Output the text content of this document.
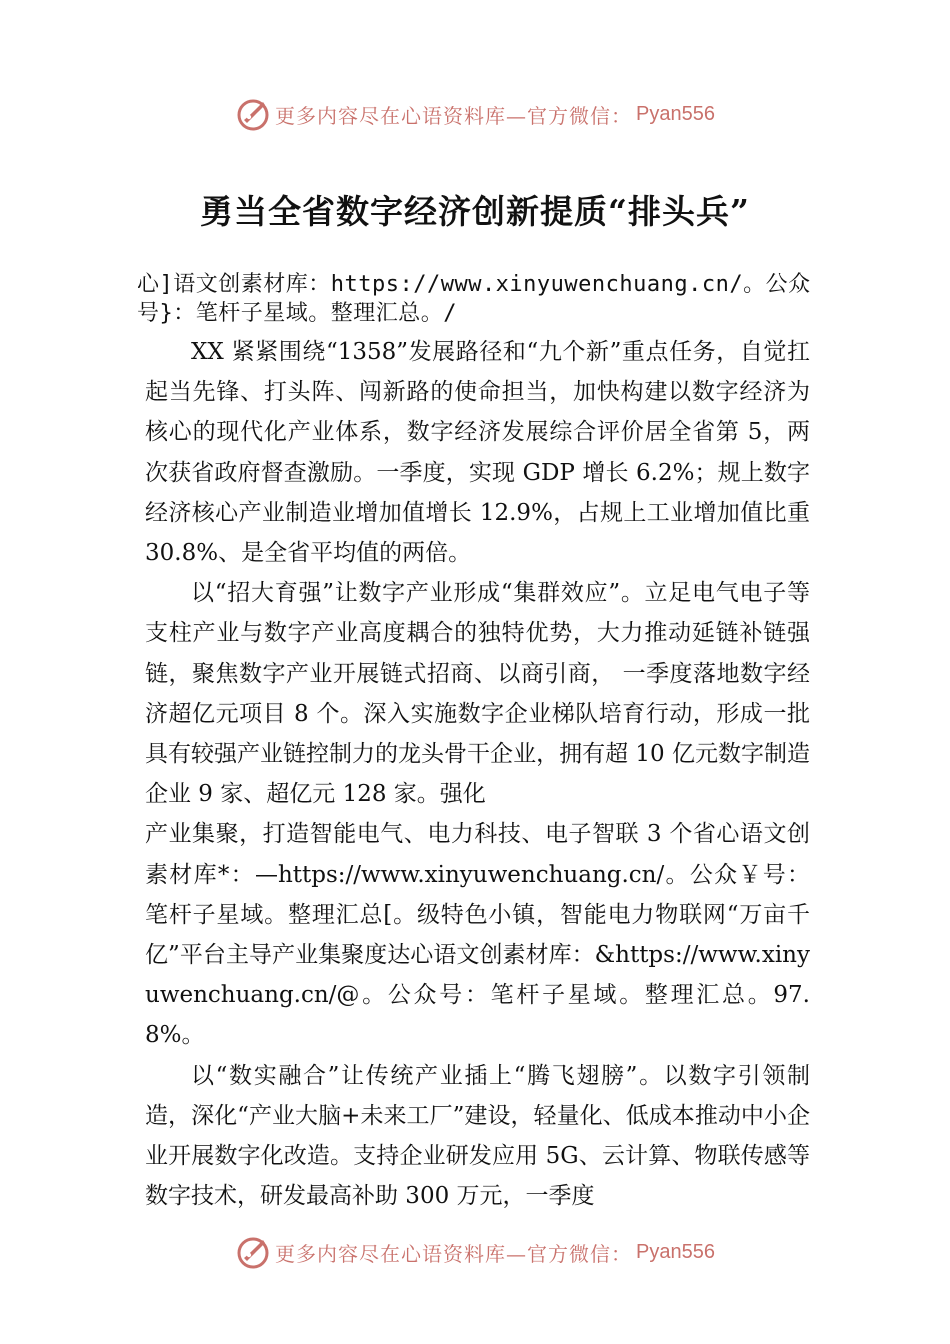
更多内容尽在心语资料库—官方微信： Pyan556
勇当全省数字经济创新提质“排头兵”
心]语文创素材库：https://www.xinyuwenchuang.cn/。公众号}：笔杆子星域。整理汇总。/

XX 紧紧围绕“1358”发展路径和“九个新”重点任务，自觉扛起当先锋、打头阵、闯新路的使命担当，加快构建以数字经济为核心的现代化产业体系，数字经济发展综合评价居全省第 5，两次获省政府督查激励。一季度，实现 GDP 增长 6.2%；规上数字经济核心产业制造业增加值增长 12.9%，占规上工业增加值比重 30.8%、是全省平均值的两倍。

以“招大育强”让数字产业形成“集群效应”。立足电气电子等支柱产业与数字产业高度耦合的独特优势，大力推动延链补链强链，聚焦数字产业开展链式招商、以商引商， 一季度落地数字经济超亿元项目 8 个。深入实施数字企业梯队培育行动，形成一批具有较强产业链控制力的龙头骨干企业，拥有超 10 亿元数字制造企业 9 家、超亿元 128 家。强化

产业集聚，打造智能电气、电力科技、电子智联 3 个省心语文创素材库*：—https://www.xinyuwenchuang.cn/。公众￥号：笔杆子星域。整理汇总[。级特色小镇，智能电力物联网“万亩千亿”平台主导产业集聚度达心语文创素材库：&https://www.xinyuwenchuang.cn/@。公众号：笔杆子星域。整理汇总。97.8%。

以“数实融合”让传统产业插上“腾飞翅膀”。以数字引领制造，深化“产业大脑+未来工厂”建设，轻量化、低成本推动中小企业开展数字化改造。支持企业研发应用 5G、云计算、物联传感等数字技术，研发最高补助 300 万元，一季度

更多内容尽在心语资料库—官方微信： Pyan556
